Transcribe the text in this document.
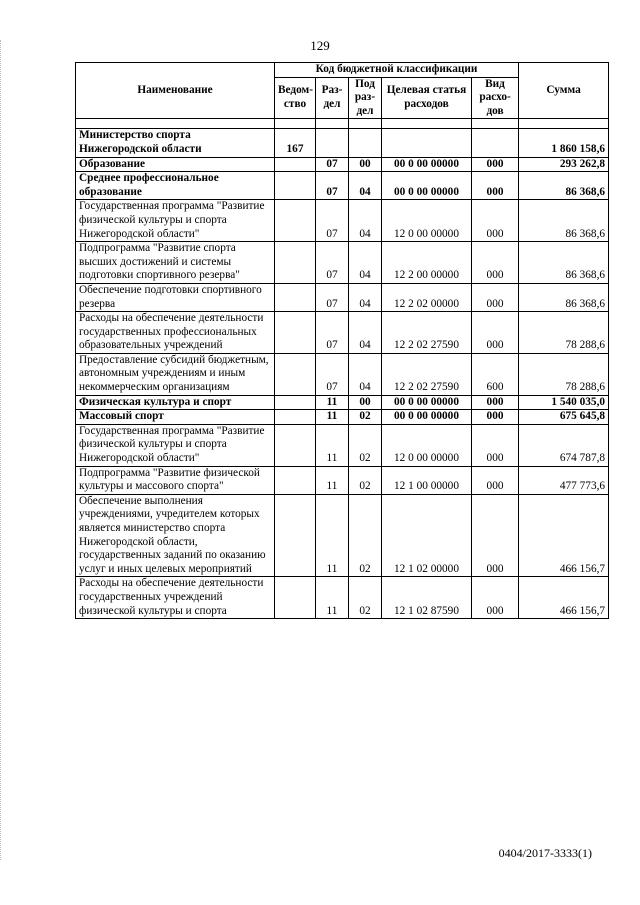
129
Наименование	Код бюджетной классификации					Сумма
	Ведом-ство	Раз-дел	Под раз-дел	Целевая статья расходов	Вид расхо-дов	

Министерство спорта Нижегородской области	167					1 860 158,6
Образование		07	00	00 0 00 00000	000	293 262,8
Среднее профессиональное образование		07	04	00 0 00 00000	000	86 368,6
Государственная программа "Развитие физической культуры и спорта Нижегородской области"		07	04	12 0 00 00000	000	86 368,6
Подпрограмма "Развитие спорта высших достижений и системы подготовки спортивного резерва"		07	04	12 2 00 00000	000	86 368,6
Обеспечение подготовки спортивного резерва		07	04	12 2 02 00000	000	86 368,6
Расходы на обеспечение деятельности государственных профессиональных образовательных учреждений		07	04	12 2 02 27590	000	78 288,6
Предоставление субсидий бюджетным, автономным учреждениям и иным некоммерческим организациям		07	04	12 2 02 27590	600	78 288,6
Физическая культура и спорт		11	00	00 0 00 00000	000	1 540 035,0
Массовый спорт		11	02	00 0 00 00000	000	675 645,8
Государственная программа "Развитие физической культуры и спорта Нижегородской области"		11	02	12 0 00 00000	000	674 787,8
Подпрограмма "Развитие физической культуры и массового спорта"		11	02	12 1 00 00000	000	477 773,6
Обеспечение выполнения учреждениями, учредителем которых является министерство спорта Нижегородской области, государственных заданий по оказанию услуг и иных целевых мероприятий		11	02	12 1 02 00000	000	466 156,7
Расходы на обеспечение деятельности государственных учреждений физической культуры и спорта		11	02	12 1 02 87590	000	466 156,7
0404/2017-3333(1)
